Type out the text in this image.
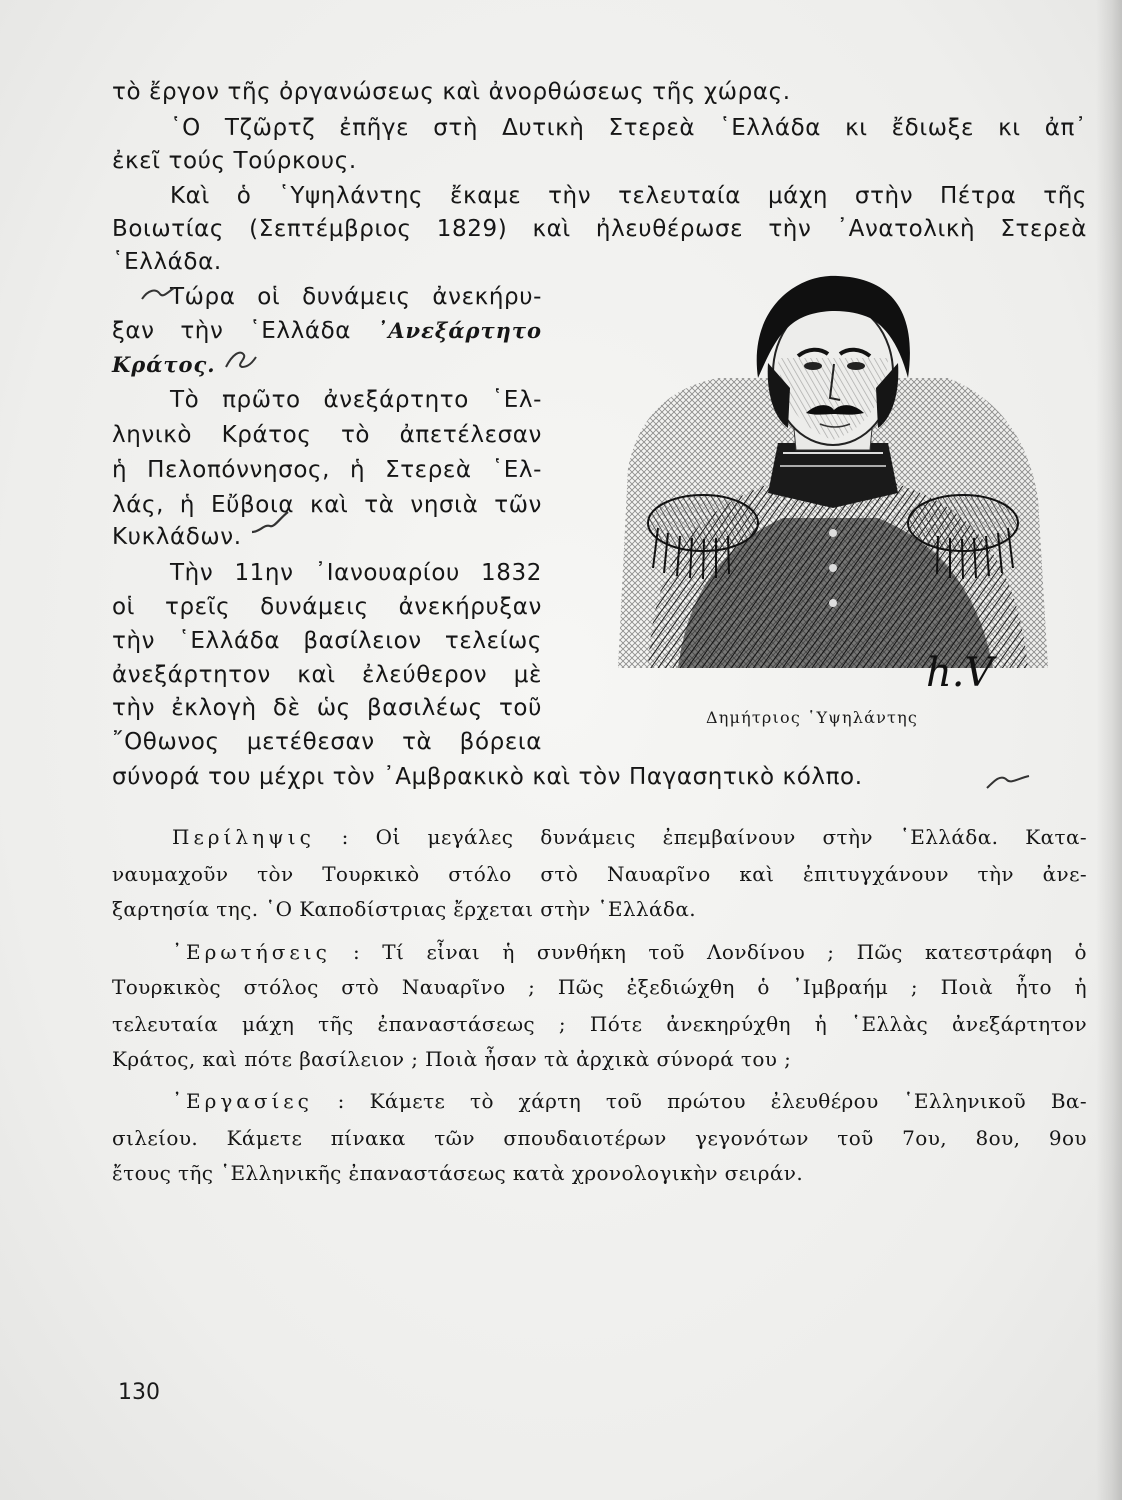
τὸ ἔργον τῆς ὀργανώσεως καὶ ἀνορθώσεως τῆς χώρας.
῾Ο Τζῶρτζ ἐπῆγε στὴ Δυτικὴ Στερεὰ ῾Ελλάδα κι ἔδιωξε κι ἀπ᾽
ἐκεῖ τούς Τούρκους.
Καὶ ὁ ῾Υψηλάντης ἔκαμε τὴν τελευταία μάχη στὴν Πέτρα τῆς
Βοιωτίας (Σεπτέμβριος 1829) καὶ ἠλευθέρωσε τὴν ᾿Ανατολικὴ Στερεὰ
῾Ελλάδα.
Τώρα οἱ δυνάμεις ἀνεκήρυ-
ξαν τὴν ῾Ελλάδα ᾿Ανεξάρτητο
Κράτος.
Τὸ πρῶτο ἀνεξάρτητο ῾Ελ-
ληνικὸ Κράτος τὸ ἀπετέλεσαν
ἡ Πελοπόννησος, ἡ Στερεὰ ῾Ελ-
λάς, ἡ Εὔβοια καὶ τὰ νησιὰ τῶν
Κυκλάδων.
Τὴν 11ην ᾿Ιανουαρίου 1832
οἱ τρεῖς δυνάμεις ἀνεκήρυξαν
τὴν ῾Ελλάδα βασίλειον τελείως
ἀνεξάρτητον καὶ ἐλεύθερον μὲ
τὴν ἐκλογὴ δὲ ὡς βασιλέως τοῦ
῎Οθωνος μετέθεσαν τὰ βόρεια
σύνορά του μέχρι τὸν ᾿Αμβρακικὸ καὶ τὸν Παγασητικὸ κόλπο.
h.V
Δημήτριος ῾Υψηλάντης
Περίληψις : Οἱ μεγάλες δυνάμεις ἐπεμβαίνουν στὴν ῾Ελλάδα. Κατα-
ναυμαχοῦν τὸν Τουρκικὸ στόλο στὸ Ναυαρῖνο καὶ ἐπιτυγχάνουν τὴν ἀνε-
ξαρτησία της. ῾Ο Καποδίστριας ἔρχεται στὴν ῾Ελλάδα.
᾿Ερωτήσεις : Τί εἶναι ἡ συνθήκη τοῦ Λονδίνου ; Πῶς κατεστράφη ὁ
Τουρκικὸς στόλος στὸ Ναυαρῖνο ; Πῶς ἐξεδιώχθη ὁ ᾿Ιμβραήμ ; Ποιὰ ἦτο ἡ
τελευταία μάχη τῆς ἐπαναστάσεως ; Πότε ἀνεκηρύχθη ἡ ῾Ελλὰς ἀνεξάρτητον
Κράτος, καὶ πότε βασίλειον ; Ποιὰ ἦσαν τὰ ἀρχικὰ σύνορά του ;
᾿Εργασίες : Κάμετε τὸ χάρτη τοῦ πρώτου ἐλευθέρου ῾Ελληνικοῦ Βα-
σιλείου. Κάμετε πίνακα τῶν σπουδαιοτέρων γεγονότων τοῦ 7ου, 8ου, 9ου
ἔτους τῆς ῾Ελληνικῆς ἐπαναστάσεως κατὰ χρονολογικὴν σειράν.
130
